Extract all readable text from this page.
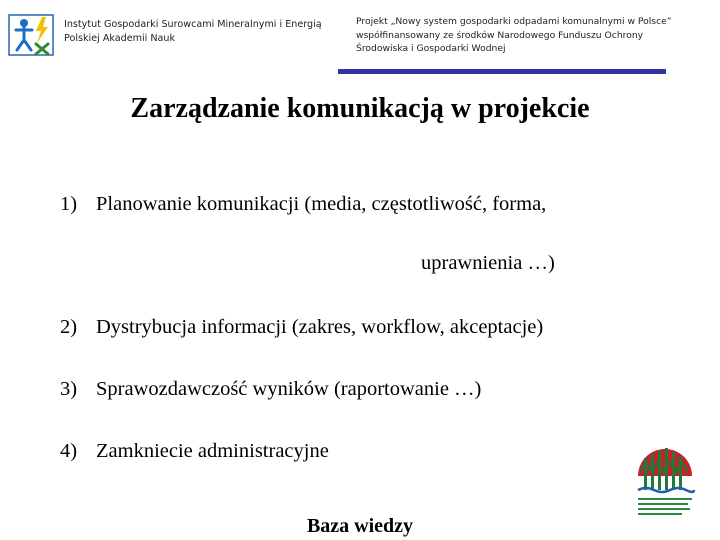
Instytut Gospodarki Surowcami Mineralnymi i Energią
Polskiej Akademii Nauk
Projekt „Nowy system gospodarki odpadami komunalnymi w Polsce”
współfinansowany ze środków Narodowego Funduszu Ochrony
Środowiska i Gospodarki Wodnej
Zarządzanie komunikacją w projekcie
1) Planowanie komunikacji (media, częstotliwość, forma,
uprawnienia …)
2) Dystrybucja informacji (zakres, workflow, akceptacje)
3) Sprawozdawczość wyników (raportowanie …)
4) Zamkniecie administracyjne
Baza wiedzy
